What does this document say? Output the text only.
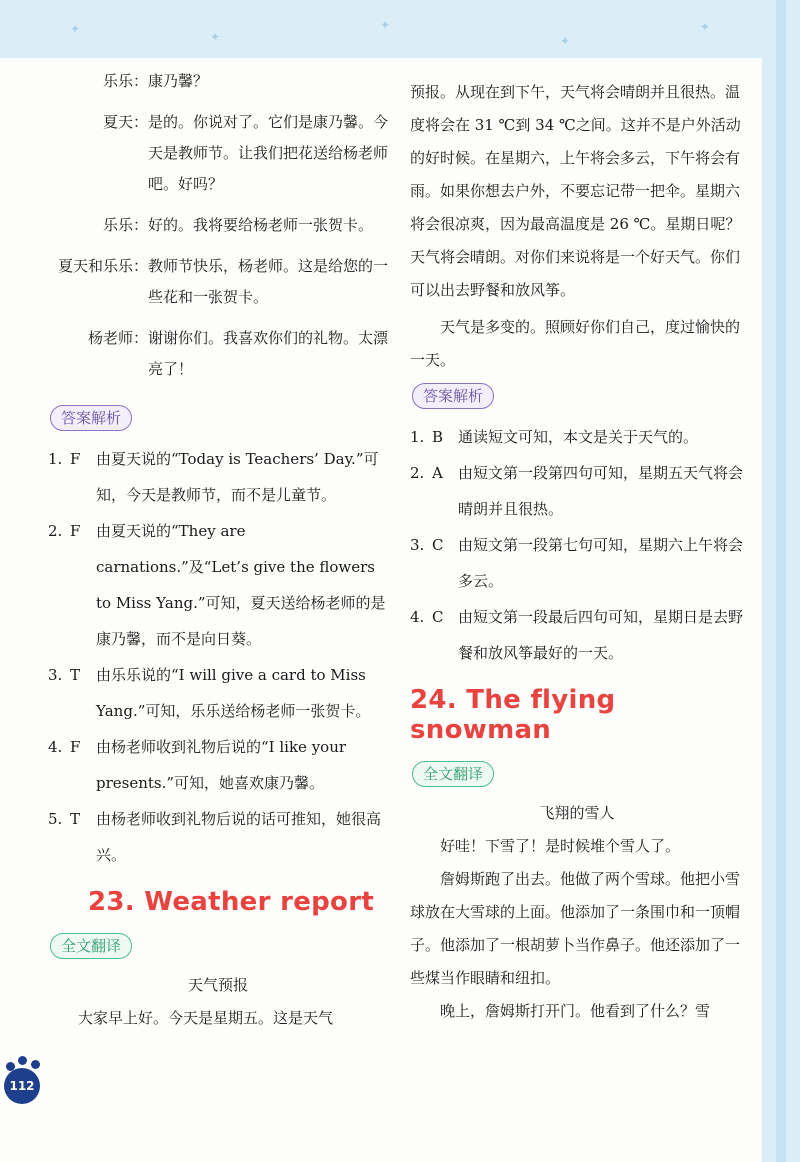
✦
✦
✦
✦
✦
乐乐： 康乃馨？
夏天： 是的。你说对了。它们是康乃馨。今天是教师节。让我们把花送给杨老师吧。好吗？
乐乐： 好的。我将要给杨老师一张贺卡。
夏天和乐乐： 教师节快乐，杨老师。这是给您的一些花和一张贺卡。
杨老师： 谢谢你们。我喜欢你们的礼物。太漂亮了！
答案解析
1. F	由夏天说的“Today is Teachers’ Day.”可知，今天是教师节，而不是儿童节。
2. F	由夏天说的“They are carnations.”及“Let’s give the flowers to Miss Yang.”可知，夏天送给杨老师的是康乃馨，而不是向日葵。
3. T	由乐乐说的“I will give a card to Miss Yang.”可知，乐乐送给杨老师一张贺卡。
4. F	由杨老师收到礼物后说的“I like your presents.”可知，她喜欢康乃馨。
5. T	由杨老师收到礼物后说的话可推知，她很高兴。
23. Weather report
全文翻译

天气预报

大家早上好。今天是星期五。这是天气

预报。从现在到下午，天气将会晴朗并且很热。温度将会在 31 ℃到 34 ℃之间。这并不是户外活动的好时候。在星期六，上午将会多云，下午将会有雨。如果你想去户外，不要忘记带一把伞。星期六将会很凉爽，因为最高温度是 26 ℃。星期日呢？天气将会晴朗。对你们来说将是一个好天气。你们可以出去野餐和放风筝。

天气是多变的。照顾好你们自己，度过愉快的一天。

答案解析
1. B 通读短文可知，本文是关于天气的。
2. A	由短文第一段第四句可知，星期五天气将会晴朗并且很热。
3. C 由短文第一段第七句可知，星期六上午将会多云。
4. C 由短文第一段最后四句可知，星期日是去野餐和放风筝最好的一天。
24. The flying snowman
全文翻译

飞翔的雪人

好哇！下雪了！是时候堆个雪人了。

詹姆斯跑了出去。他做了两个雪球。他把小雪球放在大雪球的上面。他添加了一条围巾和一顶帽子。他添加了一根胡萝卜当作鼻子。他还添加了一些煤当作眼睛和纽扣。

晚上，詹姆斯打开门。他看到了什么？雪

112
